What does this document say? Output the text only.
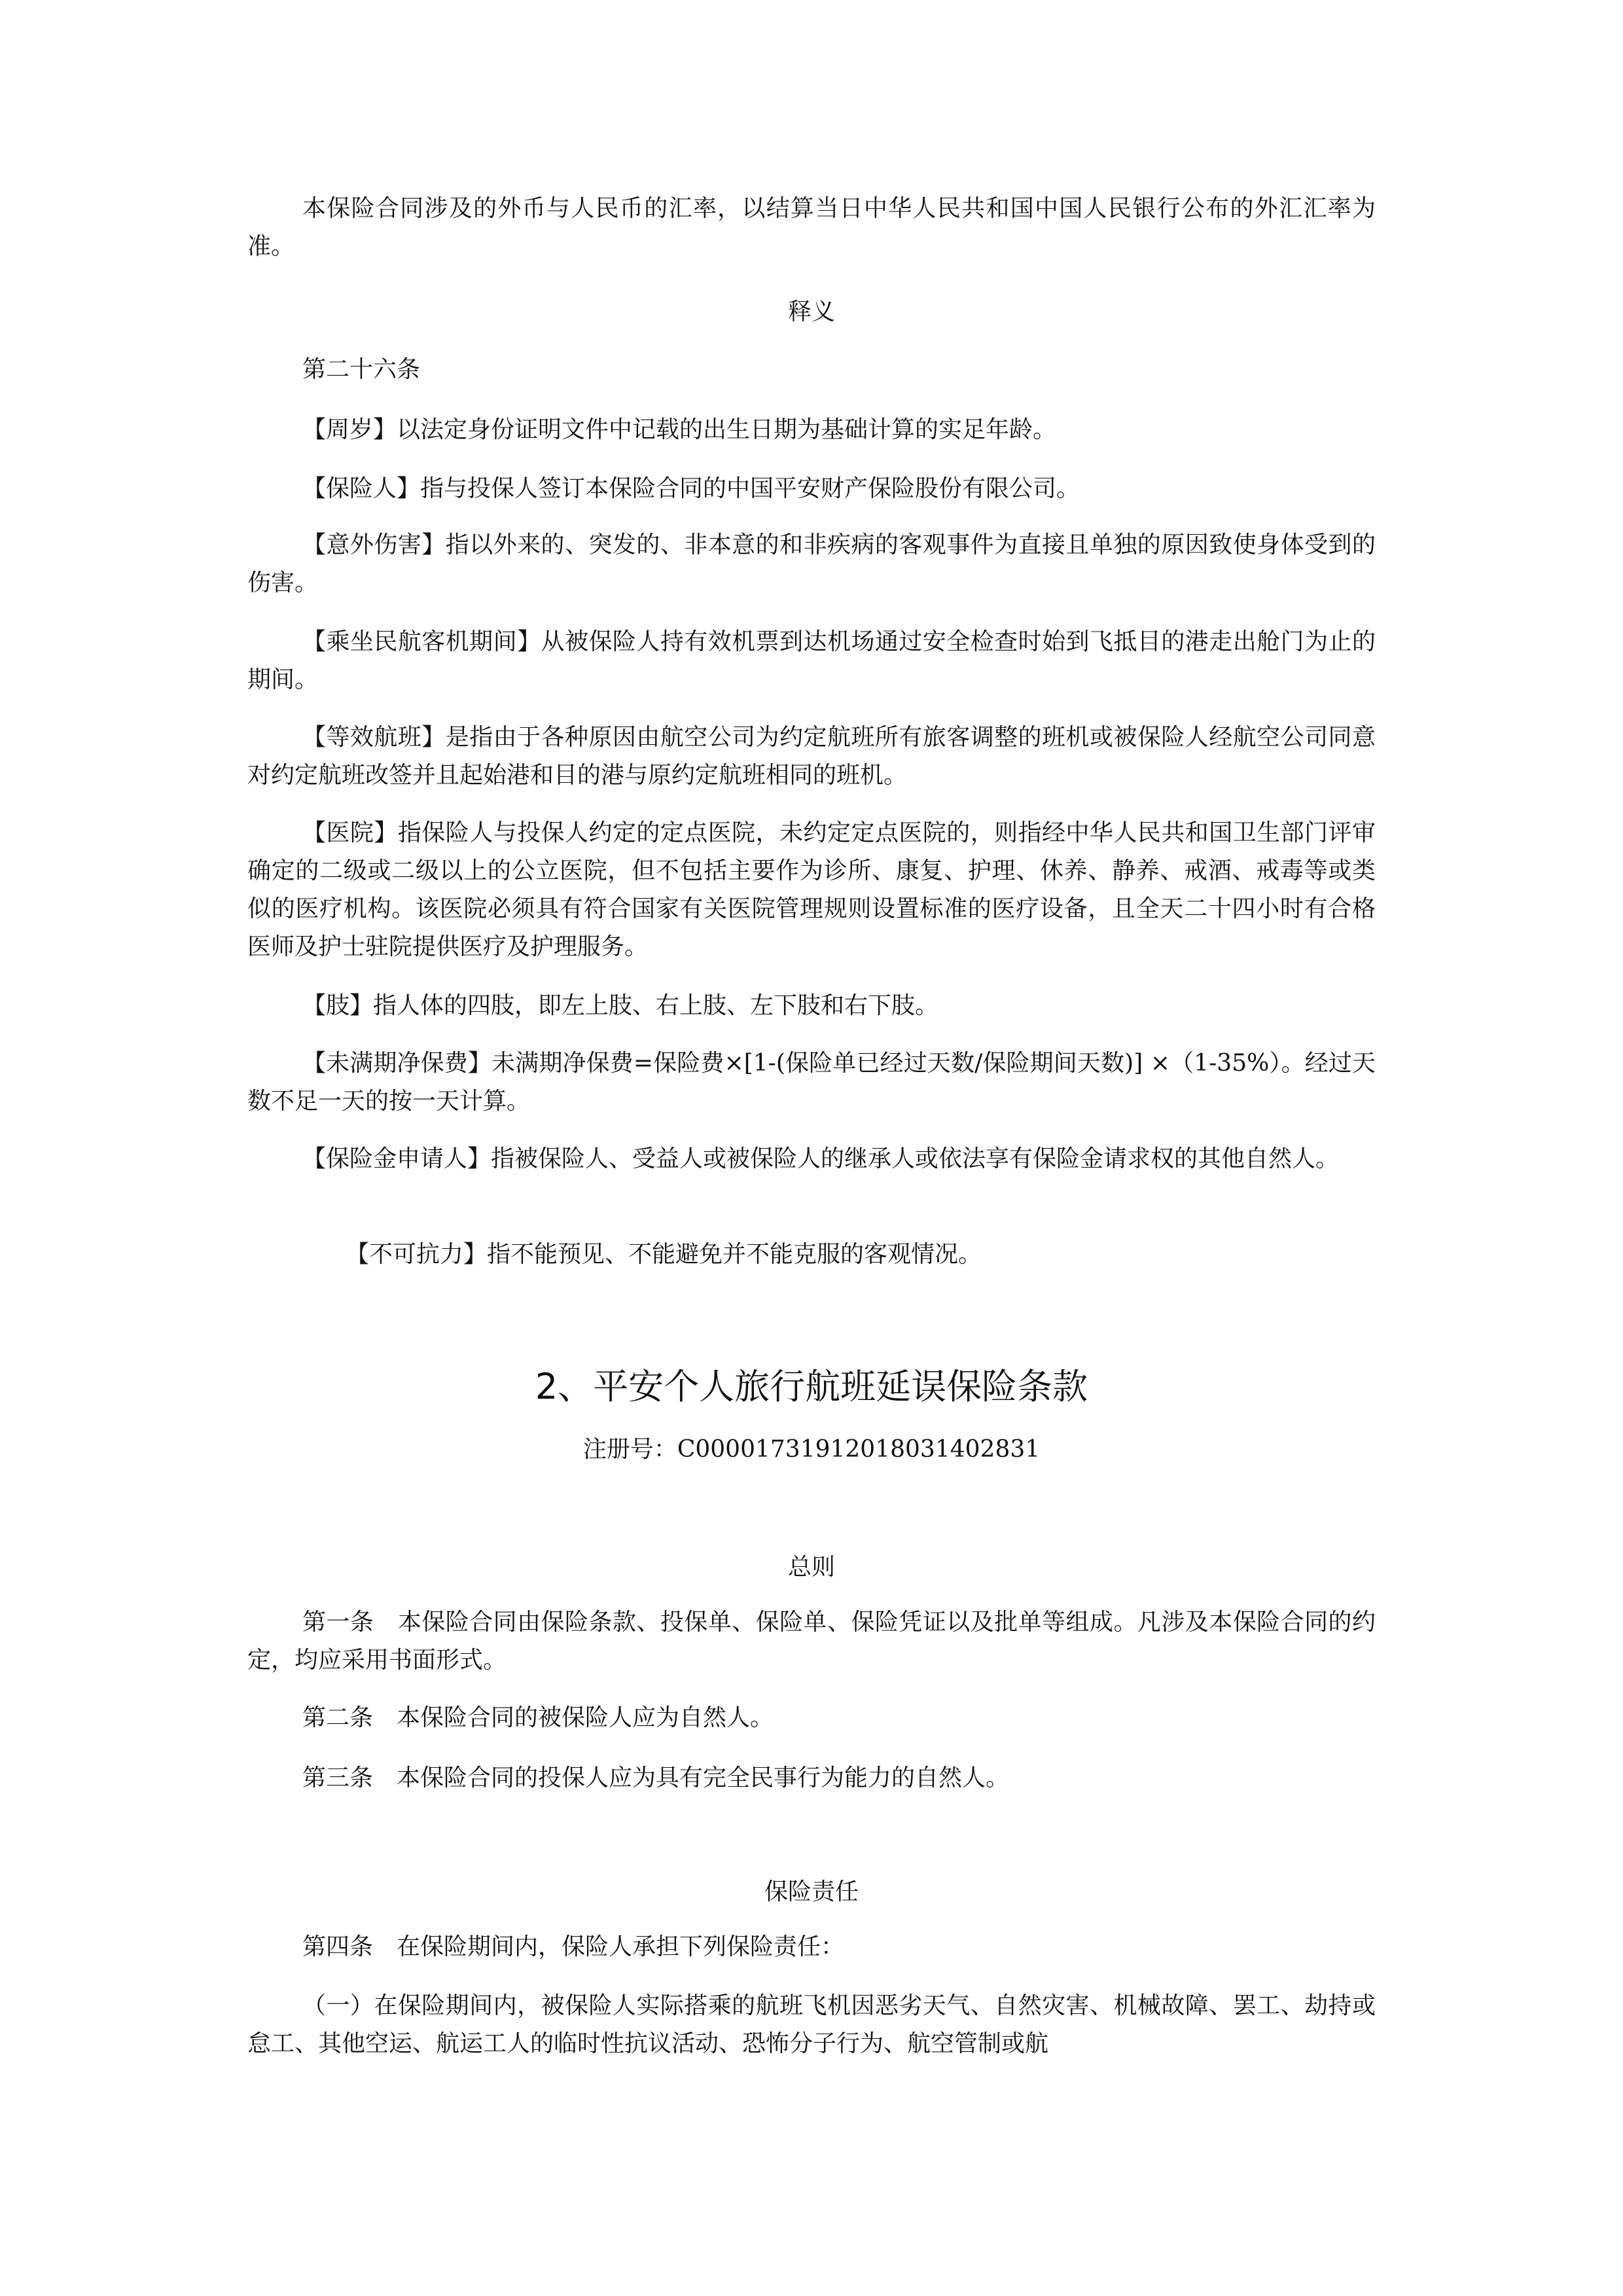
本保险合同涉及的外币与人民币的汇率，以结算当日中华人民共和国中国人民银行公布的外汇汇率为准。

释义

第二十六条

【周岁】以法定身份证明文件中记载的出生日期为基础计算的实足年龄。

【保险人】指与投保人签订本保险合同的中国平安财产保险股份有限公司。

【意外伤害】指以外来的、突发的、非本意的和非疾病的客观事件为直接且单独的原因致使身体受到的伤害。

【乘坐民航客机期间】从被保险人持有效机票到达机场通过安全检查时始到飞抵目的港走出舱门为止的期间。

【等效航班】是指由于各种原因由航空公司为约定航班所有旅客调整的班机或被保险人经航空公司同意对约定航班改签并且起始港和目的港与原约定航班相同的班机。

【医院】指保险人与投保人约定的定点医院，未约定定点医院的，则指经中华人民共和国卫生部门评审确定的二级或二级以上的公立医院，但不包括主要作为诊所、康复、护理、休养、静养、戒酒、戒毒等或类似的医疗机构。该医院必须具有符合国家有关医院管理规则设置标准的医疗设备，且全天二十四小时有合格医师及护士驻院提供医疗及护理服务。

【肢】指人体的四肢，即左上肢、右上肢、左下肢和右下肢。

【未满期净保费】未满期净保费=保险费×[1-(保险单已经过天数/保险期间天数)] ×（1-35%）。经过天数不足一天的按一天计算。

【保险金申请人】指被保险人、受益人或被保险人的继承人或依法享有保险金请求权的其他自然人。

【不可抗力】指不能预见、不能避免并不能克服的客观情况。

2、平安个人旅行航班延误保险条款

注册号：C00001731912018031402831

总则

第一条　本保险合同由保险条款、投保单、保险单、保险凭证以及批单等组成。凡涉及本保险合同的约定，均应采用书面形式。

第二条　本保险合同的被保险人应为自然人。

第三条　本保险合同的投保人应为具有完全民事行为能力的自然人。

保险责任

第四条　在保险期间内，保险人承担下列保险责任：

（一）在保险期间内，被保险人实际搭乘的航班飞机因恶劣天气、自然灾害、机械故障、罢工、劫持或怠工、其他空运、航运工人的临时性抗议活动、恐怖分子行为、航空管制或航
